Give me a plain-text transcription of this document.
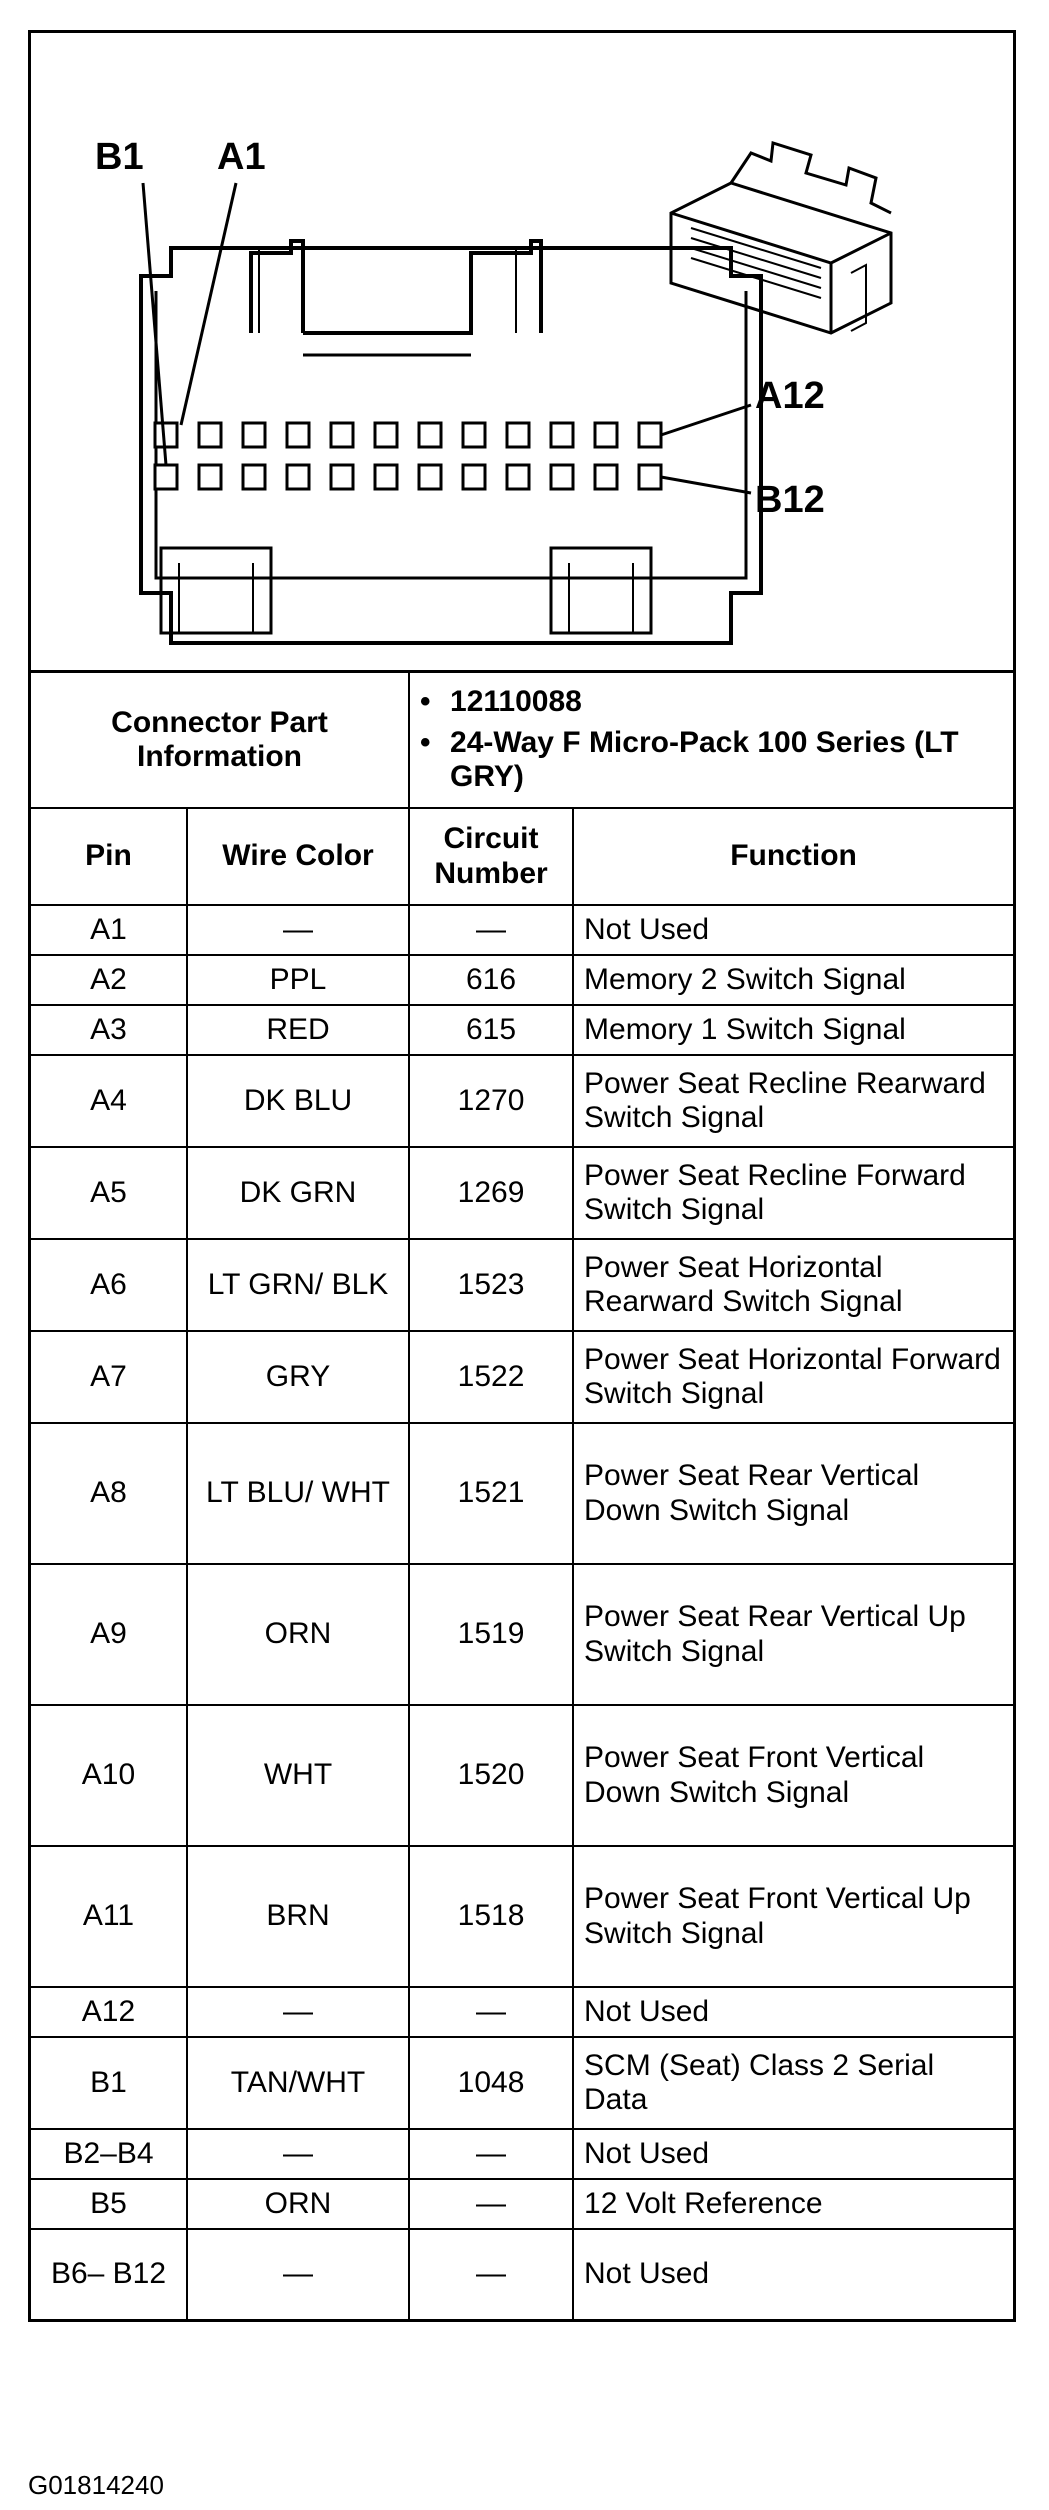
B1 A1
A12
B12
Connector Part Information		• 12110088
• 24-Way F Micro-Pack 100 Series (LT GRY)	

Pin	Wire Color	Circuit Number	Function
A1	—	—	Not Used
A2	PPL	616	Memory 2 Switch Signal
A3	RED	615	Memory 1 Switch Signal
A4	DK BLU	1270	Power Seat Recline Rearward Switch Signal
A5	DK GRN	1269	Power Seat Recline Forward Switch Signal
A6	LT GRN/ BLK	1523	Power Seat Horizontal Rearward Switch Signal
A7	GRY	1522	Power Seat Horizontal Forward Switch Signal
A8	LT BLU/ WHT	1521	Power Seat Rear Vertical Down Switch Signal
A9	ORN	1519	Power Seat Rear Vertical Up Switch Signal
A10	WHT	1520	Power Seat Front Vertical Down Switch Signal
A11	BRN	1518	Power Seat Front Vertical Up Switch Signal
A12	—	—	Not Used
B1	TAN/WHT	1048	SCM (Seat) Class 2 Serial Data
B2–B4	—	—	Not Used
B5	ORN	—	12 Volt Reference
B6– B12	—	—	Not Used
G01814240
